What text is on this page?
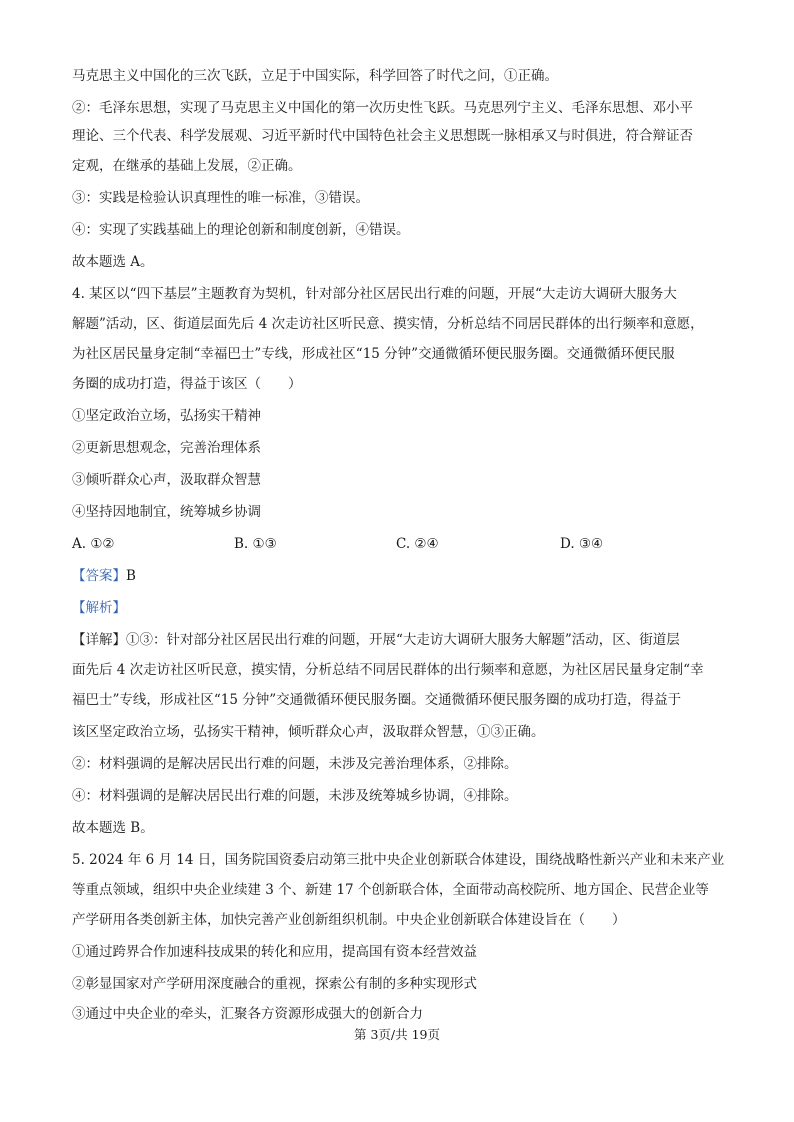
马克思主义中国化的三次飞跃，立足于中国实际，科学回答了时代之问，①正确。
②：毛泽东思想，实现了马克思主义中国化的第一次历史性飞跃。马克思列宁主义、毛泽东思想、邓小平
理论、三个代表、科学发展观、习近平新时代中国特色社会主义思想既一脉相承又与时俱进，符合辩证否
定观，在继承的基础上发展，②正确。
③：实践是检验认识真理性的唯一标准，③错误。
④：实现了实践基础上的理论创新和制度创新，④错误。
故本题选 A。
4. 某区以“四下基层”主题教育为契机，针对部分社区居民出行难的问题，开展“大走访大调研大服务大
解题”活动，区、街道层面先后 4 次走访社区听民意、摸实情，分析总结不同居民群体的出行频率和意愿，
为社区居民量身定制“幸福巴士”专线，形成社区“15 分钟”交通微循环便民服务圈。交通微循环便民服
务圈的成功打造，得益于该区（　　）
①坚定政治立场，弘扬实干精神
②更新思想观念，完善治理体系
③倾听群众心声，汲取群众智慧
④坚持因地制宜，统筹城乡协调
A. ①②	B. ①③	C. ②④	D. ③④
【答案】B
【解析】
【详解】①③：针对部分社区居民出行难的问题，开展“大走访大调研大服务大解题”活动，区、街道层
面先后 4 次走访社区听民意，摸实情，分析总结不同居民群体的出行频率和意愿，为社区居民量身定制“幸
福巴士”专线，形成社区“15 分钟”交通微循环便民服务圈。交通微循环便民服务圈的成功打造，得益于
该区坚定政治立场，弘扬实干精神，倾听群众心声，汲取群众智慧，①③正确。
②：材料强调的是解决居民出行难的问题，未涉及完善治理体系，②排除。
④：材料强调的是解决居民出行难的问题，未涉及统筹城乡协调，④排除。
故本题选 B。
5. 2024 年 6 月 14 日，国务院国资委启动第三批中央企业创新联合体建设，围绕战略性新兴产业和未来产业
等重点领域，组织中央企业续建 3 个、新建 17 个创新联合体，全面带动高校院所、地方国企、民营企业等
产学研用各类创新主体，加快完善产业创新组织机制。中央企业创新联合体建设旨在（　　）
①通过跨界合作加速科技成果的转化和应用，提高国有资本经营效益
②彰显国家对产学研用深度融合的重视，探索公有制的多种实现形式
③通过中央企业的牵头，汇聚各方资源形成强大的创新合力
第 3页/共 19页
